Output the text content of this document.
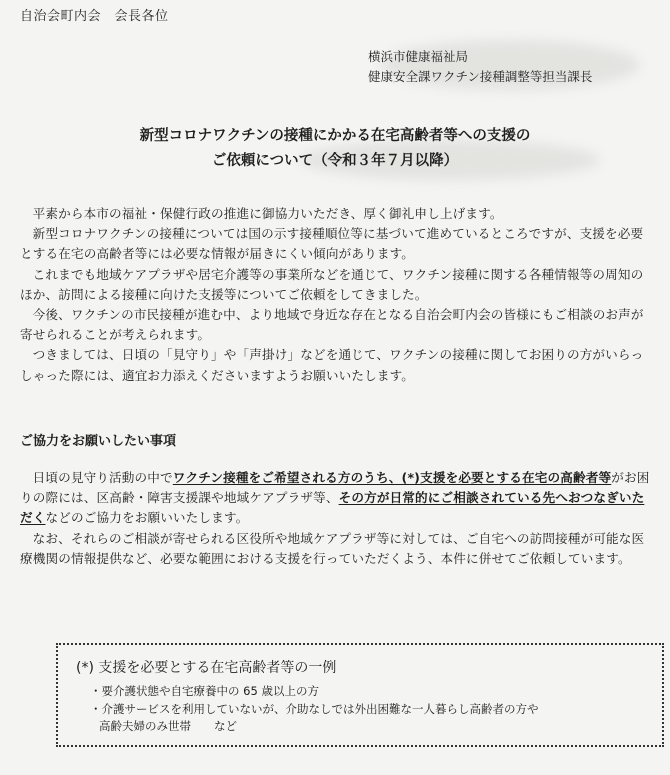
自治会町内会　会長各位
横浜市健康福祉局
健康安全課ワクチン接種調整等担当課長
新型コロナワクチンの接種にかかる在宅高齢者等への支援の
ご依頼について（令和３年７月以降）

平素から本市の福祉・保健行政の推進に御協力いただき、厚く御礼申し上げます。

新型コロナワクチンの接種については国の示す接種順位等に基づいて進めているところですが、支援を必要とする在宅の高齢者等には必要な情報が届きにくい傾向があります。

これまでも地域ケアプラザや居宅介護等の事業所などを通じて、ワクチン接種に関する各種情報等の周知のほか、訪問による接種に向けた支援等についてご依頼をしてきました。

今後、ワクチンの市民接種が進む中、より地域で身近な存在となる自治会町内会の皆様にもご相談のお声が寄せられることが考えられます。

つきましては、日頃の「見守り」や「声掛け」などを通じて、ワクチンの接種に関してお困りの方がいらっしゃった際には、適宜お力添えくださいますようお願いいたします。

ご協力をお願いしたい事項

日頃の見守り活動の中でワクチン接種をご希望される方のうち、(*)支援を必要とする在宅の高齢者等がお困りの際には、区高齢・障害支援課や地域ケアプラザ等、その方が日常的にご相談されている先へおつなぎいただくなどのご協力をお願いいたします。

なお、それらのご相談が寄せられる区役所や地域ケアプラザ等に対しては、ご自宅への訪問接種が可能な医療機関の情報提供など、必要な範囲における支援を行っていただくよう、本件に併せてご依頼しています。

(*) 支援を必要とする在宅高齢者等の一例
・要介護状態や自宅療養中の 65 歳以上の方
・介護サービスを利用していないが、介助なしでは外出困難な一人暮らし高齢者の方や
高齢夫婦のみ世帯　　など
